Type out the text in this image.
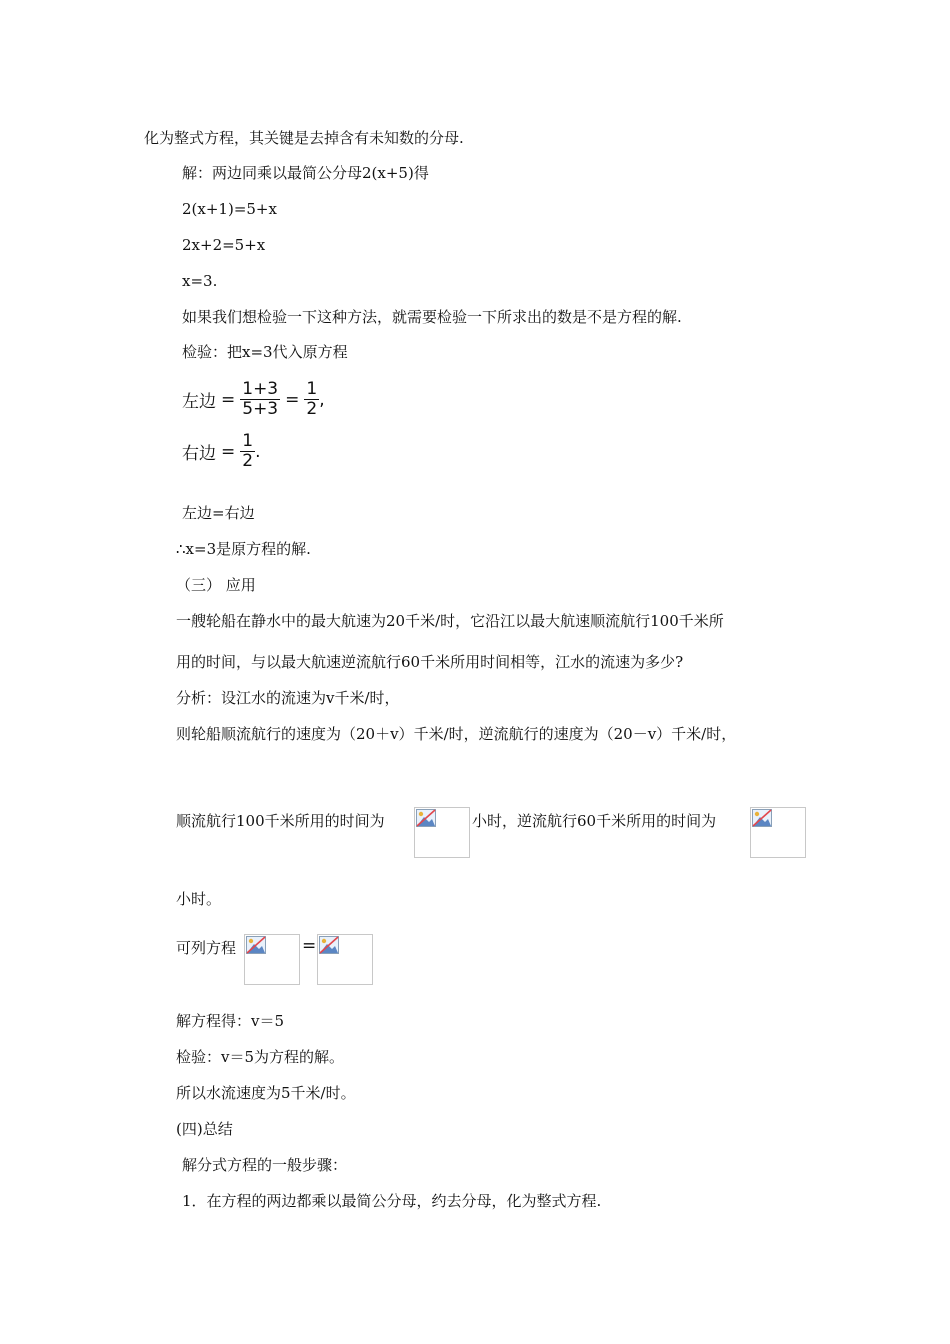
化为整式方程，其关键是去掉含有未知数的分母.
解：两边同乘以最简公分母2(x+5)得
2(x+1)=5+x
2x+2=5+x
x=3.
如果我们想检验一下这种方法，就需要检验一下所求出的数是不是方程的解.
检验：把x=3代入原方程
左边 = $\frac{1+3}{5+3} = \frac{1}{2}$ ,
右边 = $\frac{1}{2}$ .
左边=右边
∴x=3是原方程的解.
（三） 应用
一艘轮船在静水中的最大航速为20千米/时，它沿江以最大航速顺流航行100千米所
用的时间，与以最大航速逆流航行60千米所用时间相等，江水的流速为多少?
分析：设江水的流速为v千米/时，
则轮船顺流航行的速度为（20＋v）千米/时，逆流航行的速度为（20－v）千米/时，
顺流航行100千米所用的时间为	小时，逆流航行60千米所用的时间为
小时。
可列方程	=
解方程得：v＝5
检验：v＝5为方程的解。
所以水流速度为5千米/时。
(四)总结
解分式方程的一般步骤：
1．在方程的两边都乘以最简公分母，约去分母，化为整式方程.
